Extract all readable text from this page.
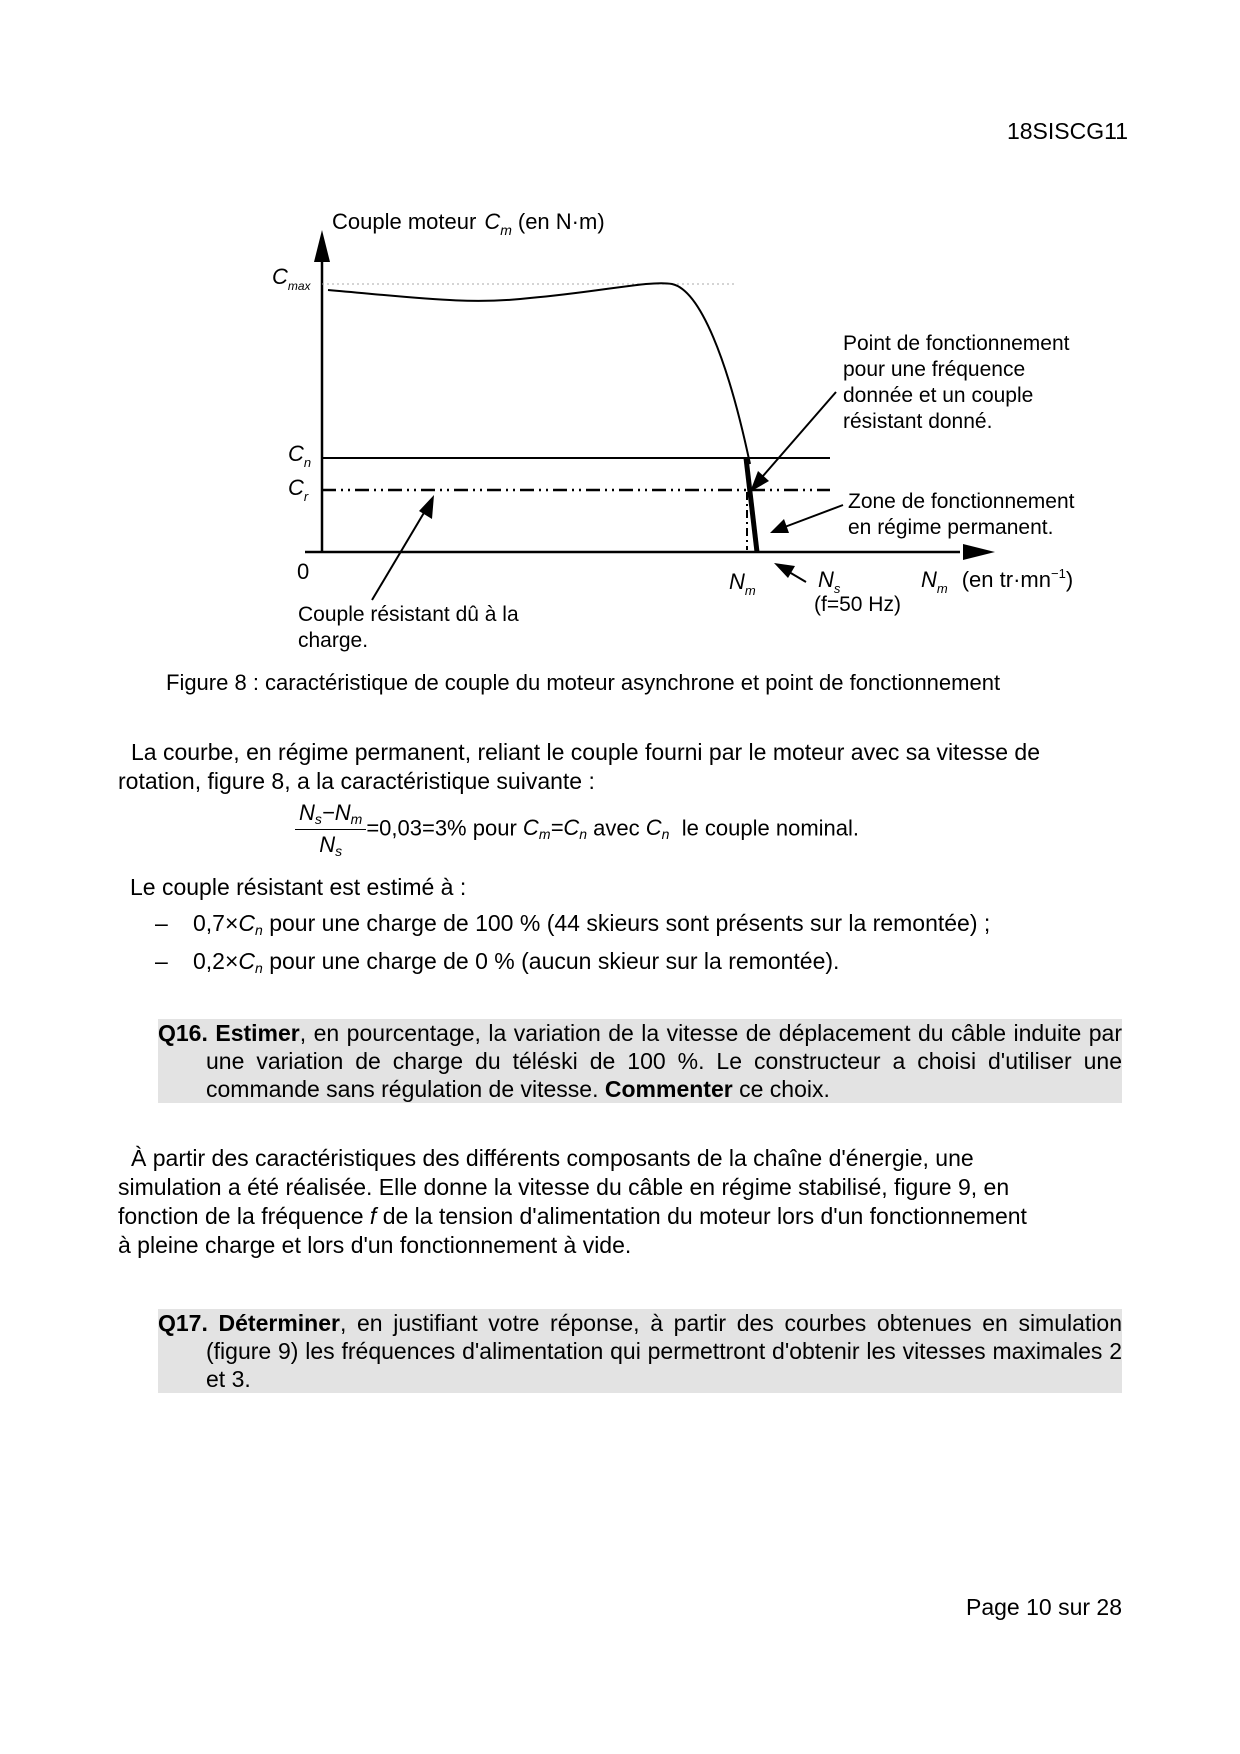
18SISCG11
Couple moteur $C_m$ (en N·m)
$C_{max}$
$C_n$
$C_r$
0	$N_m$	$N_s$
(f=50 Hz)
$N_m$ (en $tr\cdot mn^{-1}$)
Point de fonctionnement
pour une fréquence
donnée et un couple
résistant donné.
Zone de fonctionnement
en régime permanent.
Couple résistant dû à la
charge.
Figure 8 : caractéristique de couple du moteur asynchrone et point de fonctionnement
La courbe, en régime permanent, reliant le couple fourni par le moteur avec sa vitesse de
rotation, figure 8, a la caractéristique suivante :
$\frac{N_s-N_m}{N_s} =0,03=3\%$ pour $C_m=C_n$ avec $C_n$ le couple nominal.
Le couple résistant est estimé à :
– $0,7\times C_n$ pour une charge de 100 % (44 skieurs sont présents sur la remontée) ;
– $0,2\times C_n$ pour une charge de 0 % (aucun skieur sur la remontée).
Q16. Estimer, en pourcentage, la variation de la vitesse de déplacement du câble induite par une variation de charge du téléski de 100 %. Le constructeur a choisi d'utiliser une commande sans régulation de vitesse. Commenter ce choix.
À partir des caractéristiques des différents composants de la chaîne d'énergie, une
simulation a été réalisée. Elle donne la vitesse du câble en régime stabilisé, figure 9, en
fonction de la fréquence f de la tension d'alimentation du moteur lors d'un fonctionnement
à pleine charge et lors d'un fonctionnement à vide.
Q17. Déterminer, en justifiant votre réponse, à partir des courbes obtenues en simulation (figure 9) les fréquences d'alimentation qui permettront d'obtenir les vitesses maximales 2 et 3.
Page 10 sur 28
